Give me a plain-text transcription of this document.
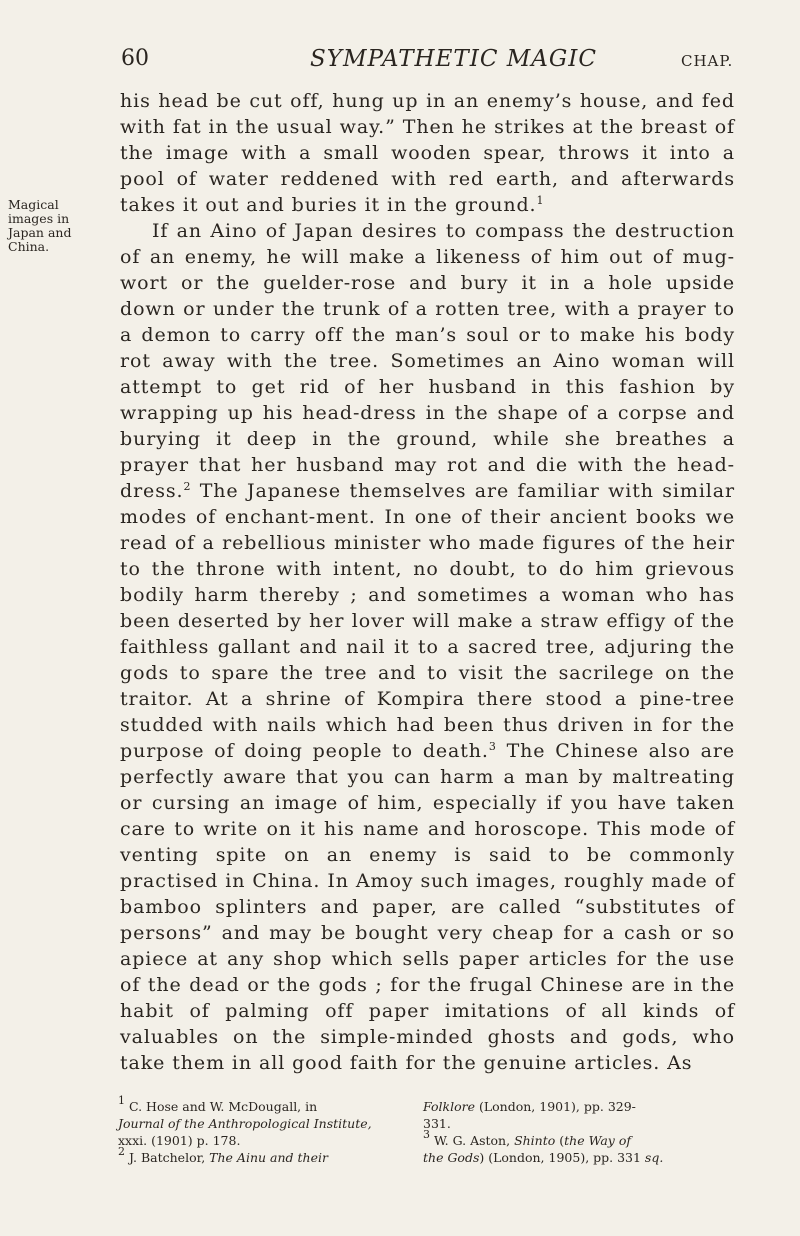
60	SYMPATHETIC MAGIC	CHAP.
Magical
images in
Japan and
China.

his head be cut off, hung up in an enemy’s house, and fed with fat in the usual way.” Then he strikes at the breast of the image with a small wooden spear, throws it into a pool of water reddened with red earth, and afterwards takes it out and buries it in the ground.$^1$

If an Aino of Japan desires to compass the destruction of an enemy, he will make a likeness of him out of mug-wort or the guelder-rose and bury it in a hole upside down or under the trunk of a rotten tree, with a prayer to a demon to carry off the man’s soul or to make his body rot away with the tree. Sometimes an Aino woman will attempt to get rid of her husband in this fashion by wrapping up his head-dress in the shape of a corpse and burying it deep in the ground, while she breathes a prayer that her husband may rot and die with the head-dress.$^2$ The Japanese themselves are familiar with similar modes of enchant-ment. In one of their ancient books we read of a rebellious minister who made figures of the heir to the throne with intent, no doubt, to do him grievous bodily harm thereby ; and sometimes a woman who has been deserted by her lover will make a straw effigy of the faithless gallant and nail it to a sacred tree, adjuring the gods to spare the tree and to visit the sacrilege on the traitor. At a shrine of Kompira there stood a pine-tree studded with nails which had been thus driven in for the purpose of doing people to death.$^3$ The Chinese also are perfectly aware that you can harm a man by maltreating or cursing an image of him, especially if you have taken care to write on it his name and horoscope. This mode of venting spite on an enemy is said to be commonly practised in China. In Amoy such images, roughly made of bamboo splinters and paper, are called “substitutes of persons” and may be bought very cheap for a cash or so apiece at any shop which sells paper articles for the use of the dead or the gods ; for the frugal Chinese are in the habit of palming off paper imitations of all kinds of valuables on the simple-minded ghosts and gods, who take them in all good faith for the genuine articles. As

$^1$ C. Hose and W. McDougall, in	Folklore (London, 1901), pp. 329-
Journal of the Anthropological Institute,	331.
xxxi. (1901) p. 178.	$^3$ W. G. Aston, Shinto (the Way of
$^2$ J. Batchelor, The Ainu and their	the Gods) (London, 1905), pp. 331 sq.
